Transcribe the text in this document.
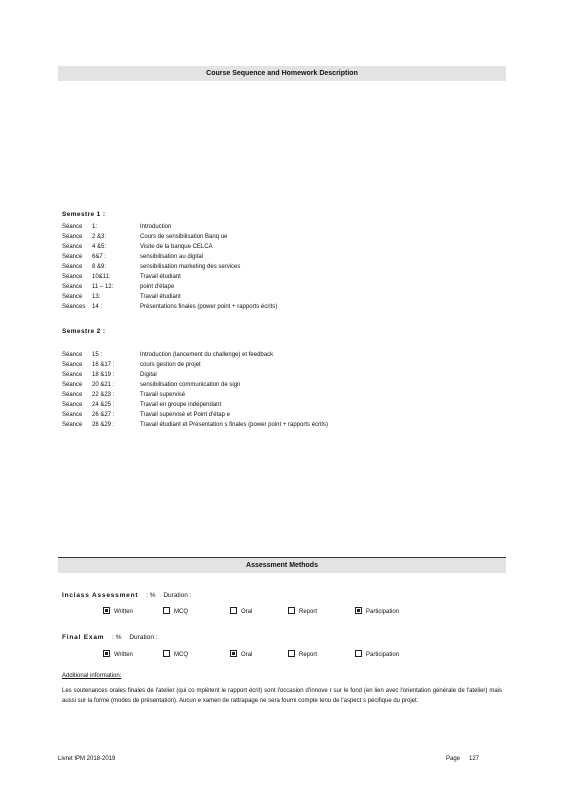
Course Sequence and Homework Description
Semestre 1 :
Séance 1:	Introduction
Séance 2 &3:	Cours de sensibilisation Banq ue
Séance 4 &5:	Visite de la banque CELCA
Séance 6&7 :	sensibilisation au digital
Séance 8 &9:	sensibilisation marketing des services
Séance 10&11:	Travail étudiant
Séance 11 – 12:	point d'étape
Séance 13:	Travail étudiant
Séances 14 :	Présentations finales (power point + rapports écrits)
Semestre 2 :
Séance 15 :	Introduction (lancement du challenge) et feedback
Séance 16 &17 :	cours gestion de projet
Séance 18 &19 :	Digital
Séance 20 &21 :	sensibilisation communication de sign
Séance 22 &23 :	Travail supervisé
Séance 24 &25 :	Travail en groupe indépendant
Séance 26 &27 :	Travail supervisé et Point d'étap e
Séance 28 &29 :	Travail étudiant et Présentation s finales (power point + rapports écrits)
Assessment Methods
Inclass Assessment : % Duration :
Written	MCQ	Oral	Report	Participation
Final Exam : % Duration :
Written	MCQ	Oral	Report	Participation
Additional information:
Les soutenances orales finales de l'atelier (qui co mplètent le rapport écrit) sont l'occasion d'innove r sur le fond (en lien avec l'orientation générale de l'atelier) mais aussi sur la forme (modes de présentation). Aucun e xamen de rattrapage ne sera fourni compte tenu de l'aspect s pécifique du projet.
Livret IPM 2018-2019	Page 127
